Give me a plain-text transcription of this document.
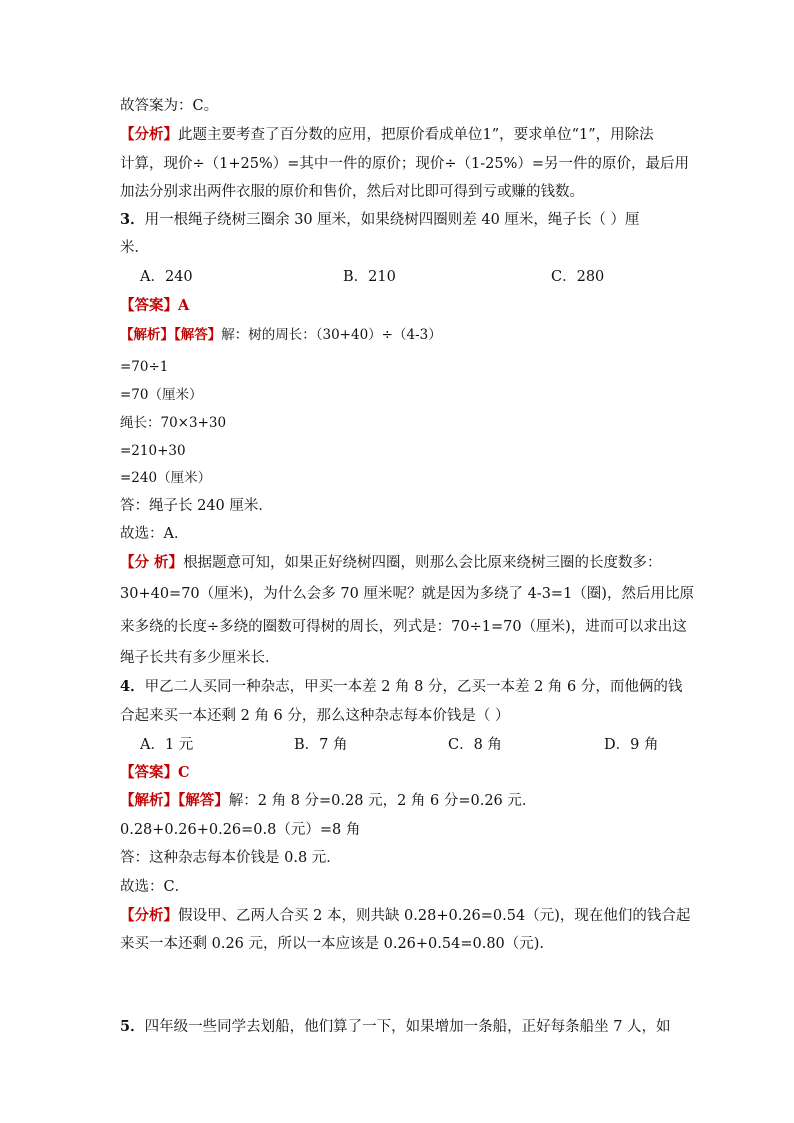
故答案为：C。
【分析】此题主要考查了百分数的应用，把原价看成单位1”，要求单位“1”，用除法
计算，现价÷（1+25%）=其中一件的原价；现价÷（1-25%）=另一件的原价，最后用
加法分别求出两件衣服的原价和售价，然后对比即可得到亏或赚的钱数。
3．用一根绳子绕树三圈余 30 厘米，如果绕树四圈则差 40 厘米，绳子长（ ）厘
米．
A．240	B．210	C．280
【答案】A
【解析】【解答】解：树的周长：（30+40）÷（4-3）
=70÷1
=70（厘米）
绳长：70×3+30
=210+30
=240（厘米）
答：绳子长 240 厘米．
故选：A．
【分 析】根据题意可知，如果正好绕树四圈，则那么会比原来绕树三圈的长度数多：
30+40=70（厘米)，为什么会多 70 厘米呢？就是因为多绕了 4-3=1（圈)，然后用比原
来多绕的长度÷多绕的圈数可得树的周长，列式是：70÷1=70（厘米)，进而可以求出这
绳子长共有多少厘米长．
4．甲乙二人买同一种杂志，甲买一本差 2 角 8 分，乙买一本差 2 角 6 分，而他俩的钱
合起来买一本还剩 2 角 6 分，那么这种杂志每本价钱是（ ）
A．1 元	B．7 角	C．8 角	D．9 角
【答案】C
【解析】【解答】解：2 角 8 分=0.28 元，2 角 6 分=0.26 元．
0.28+0.26+0.26=0.8（元）=8 角
答：这种杂志每本价钱是 0.8 元．
故选：C．
【分析】假设甲、乙两人合买 2 本，则共缺 0.28+0.26=0.54（元)，现在他们的钱合起
来买一本还剩 0.26 元，所以一本应该是 0.26+0.54=0.80（元).
5．四年级一些同学去划船，他们算了一下，如果增加一条船，正好每条船坐 7 人，如
